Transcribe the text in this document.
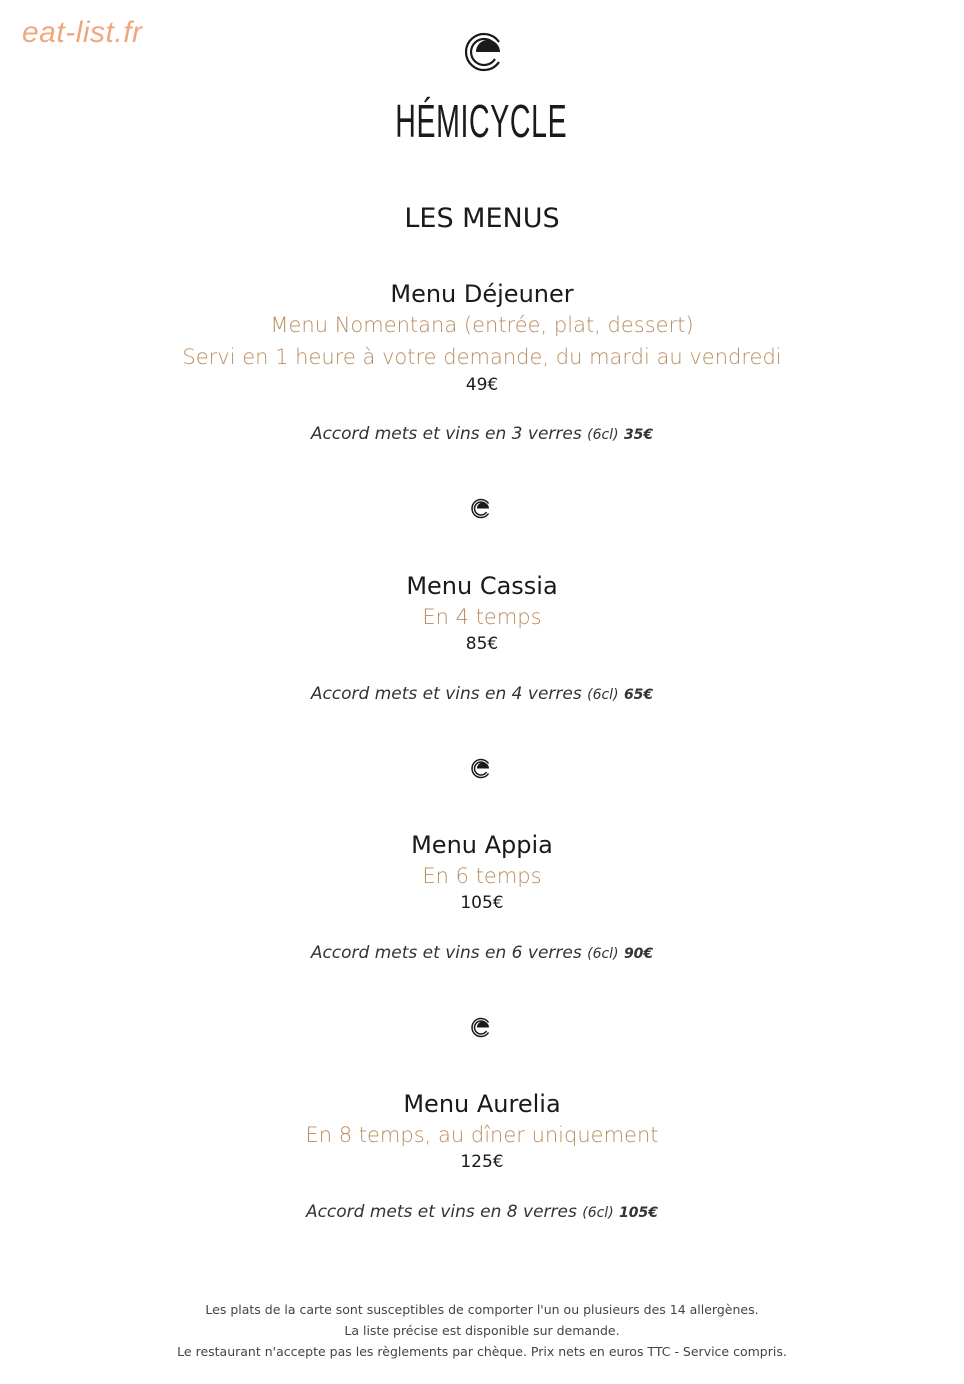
eat-list.fr
HÉMICYCLE
LES MENUS
Menu Déjeuner
Menu Nomentana (entrée, plat, dessert)
Servi en 1 heure à votre demande, du mardi au vendredi
49€
Accord mets et vins en 3 verres (6cl) 35€
Menu Cassia
En 4 temps
85€
Accord mets et vins en 4 verres (6cl) 65€
Menu Appia
En 6 temps
105€
Accord mets et vins en 6 verres (6cl) 90€
Menu Aurelia
En 8 temps, au dîner uniquement
125€
Accord mets et vins en 8 verres (6cl) 105€
Les plats de la carte sont susceptibles de comporter l'un ou plusieurs des 14 allergènes.
La liste précise est disponible sur demande.
Le restaurant n'accepte pas les règlements par chèque. Prix nets en euros TTC - Service compris.
